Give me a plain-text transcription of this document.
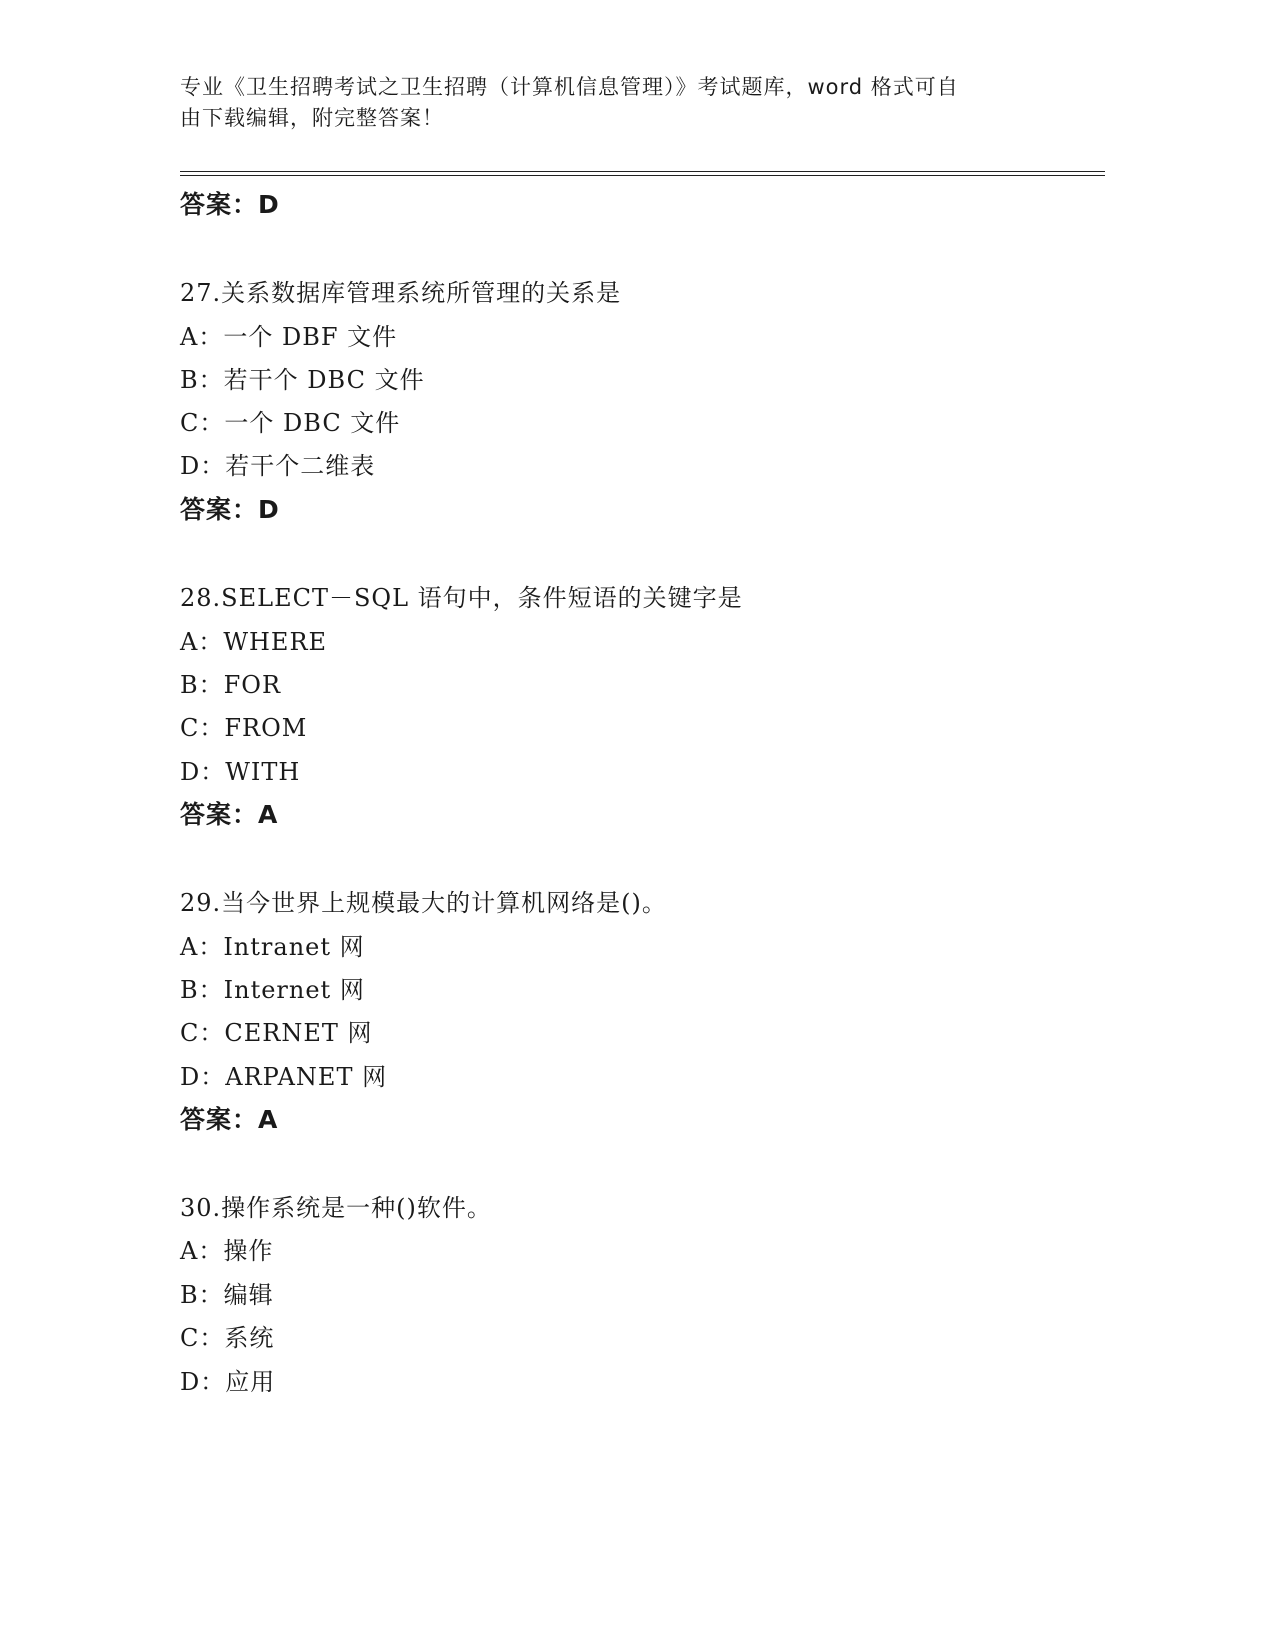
专业《卫生招聘考试之卫生招聘（计算机信息管理）》考试题库，word 格式可自
由下载编辑，附完整答案！
答案：D
27.关系数据库管理系统所管理的关系是
A：一个 DBF 文件
B：若干个 DBC 文件
C：一个 DBC 文件
D：若干个二维表
答案：D
28.SELECT－SQL 语句中，条件短语的关键字是
A：WHERE
B：FOR
C：FROM
D：WITH
答案：A
29.当今世界上规模最大的计算机网络是()。
A：Intranet 网
B：Internet 网
C：CERNET 网
D：ARPANET 网
答案：A
30.操作系统是一种()软件。
A：操作
B：编辑
C：系统
D：应用
